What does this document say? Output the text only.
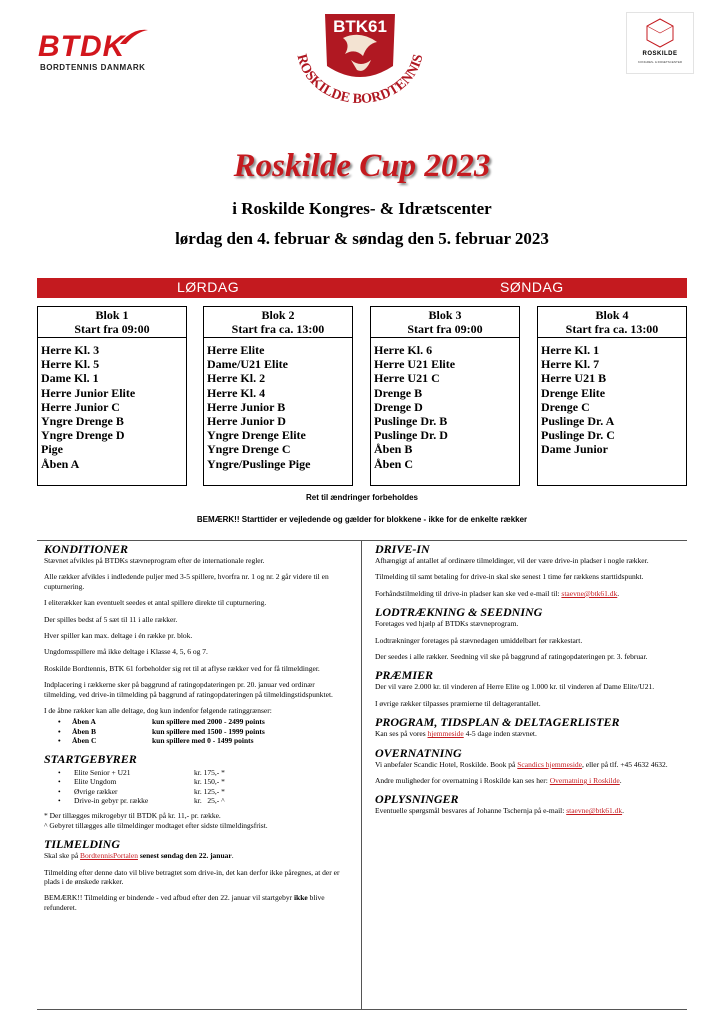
BTDK
BORDTENNIS DANMARK
BTK61
ROSKILDE BORDTENNIS	ROSKILDE
KONGRES- & IDRÆTSCENTER
Roskilde Cup 2023
i Roskilde Kongres- & Idrætscenter
lørdag den 4. februar & søndag den 5. februar 2023
LØRDAG	SØNDAG
Blok 1
Start fra 09:00
Herre Kl. 3
Herre Kl. 5
Dame Kl. 1
Herre Junior Elite
Herre Junior C
Yngre Drenge B
Yngre Drenge D
Pige
Åben A
Blok 2
Start fra ca. 13:00
Herre Elite
Dame/U21 Elite
Herre Kl. 2
Herre Kl. 4
Herre Junior B
Herre Junior D
Yngre Drenge Elite
Yngre Drenge C
Yngre/Puslinge Pige
Blok 3
Start fra 09:00
Herre Kl. 6
Herre U21 Elite
Herre U21 C
Drenge B
Drenge D
Puslinge Dr. B
Puslinge Dr. D
Åben B
Åben C
Blok 4
Start fra ca. 13:00
Herre Kl. 1
Herre Kl. 7
Herre U21 B
Drenge Elite
Drenge C
Puslinge Dr. A
Puslinge Dr. C
Dame Junior
Ret til ændringer forbeholdes
BEMÆRK!! Starttider er vejledende og gælder for blokkene - ikke for de enkelte rækker
KONDITIONER

Stævnet afvikles på BTDKs stævneprogram efter de internationale regler.

Alle rækker afvikles i indledende puljer med 3-5 spillere, hvorfra nr. 1 og nr. 2 går videre til en cupturnering.

I eliterækker kan eventuelt seedes et antal spillere direkte til cupturnering.

Der spilles bedst af 5 sæt til 11 i alle rækker.

Hver spiller kan max. deltage i én række pr. blok.

Ungdomsspillere må ikke deltage i Klasse 4, 5, 6 og 7.

Roskilde Bordtennis, BTK 61 forbeholder sig ret til at aflyse rækker ved for få tilmeldinger.

Indplacering i rækkerne sker på baggrund af ratingopdateringen pr. 20. januar ved ordinær tilmelding, ved drive-in tilmelding på baggrund af ratingopdateringen på tilmeldingstidspunktet.

I de åbne rækker kan alle deltage, dog kun indenfor følgende ratinggrænser:

•	Åben A	kun spillere med 2000 - 2499 points
•	Åben B	kun spillere med 1500 - 1999 points
•	Åben C	kun spillere med 0 - 1499 points
STARTGEBYRER
•	Elite Senior + U21	kr. 175,- *
•	Elite Ungdom	kr. 150,- *
•	Øvrige rækker	kr. 125,- *
•	Drive-in gebyr pr. række	kr.   25,- ^
* Der tillægges mikrogebyr til BTDK på kr. 11,- pr. række.

^ Gebyret tillægges alle tilmeldinger modtaget efter sidste tilmeldingsfrist.

TILMELDING

Skal ske på BordtennisPortalen senest søndag den 22. januar.

Tilmelding efter denne dato vil blive betragtet som drive-in, det kan derfor ikke påregnes, at der er plads i de ønskede rækker.

BEMÆRK!! Tilmelding er bindende - ved afbud efter den 22. januar vil startgebyr ikke blive refunderet.

DRIVE-IN

Afhængigt af antallet af ordinære tilmeldinger, vil der være drive-in pladser i nogle rækker.

Tilmelding til samt betaling for drive-in skal ske senest 1 time før rækkens starttidspunkt.

Forhåndstilmelding til drive-in pladser kan ske ved e-mail til: staevne@btk61.dk.

LODTRÆKNING & SEEDNING

Foretages ved hjælp af BTDKs stævneprogram.

Lodtrækninger foretages på stævnedagen umiddelbart før rækkestart.

Der seedes i alle rækker. Seedning vil ske på baggrund af ratingopdateringen pr. 3. februar.

PRÆMIER

Der vil være 2.000 kr. til vinderen af Herre Elite og 1.000 kr. til vinderen af Dame Elite/U21.

I øvrige rækker tilpasses præmierne til deltagerantallet.

PROGRAM, TIDSPLAN & DELTAGERLISTER

Kan ses på vores hjemmeside 4-5 dage inden stævnet.

OVERNATNING

Vi anbefaler Scandic Hotel, Roskilde. Book på Scandics hjemmeside, eller på tlf. +45 4632 4632.

Andre muligheder for overnatning i Roskilde kan ses her: Overnatning i Roskilde.

OPLYSNINGER

Eventuelle spørgsmål besvares af Johanne Tschernja på e-mail: staevne@btk61.dk.
